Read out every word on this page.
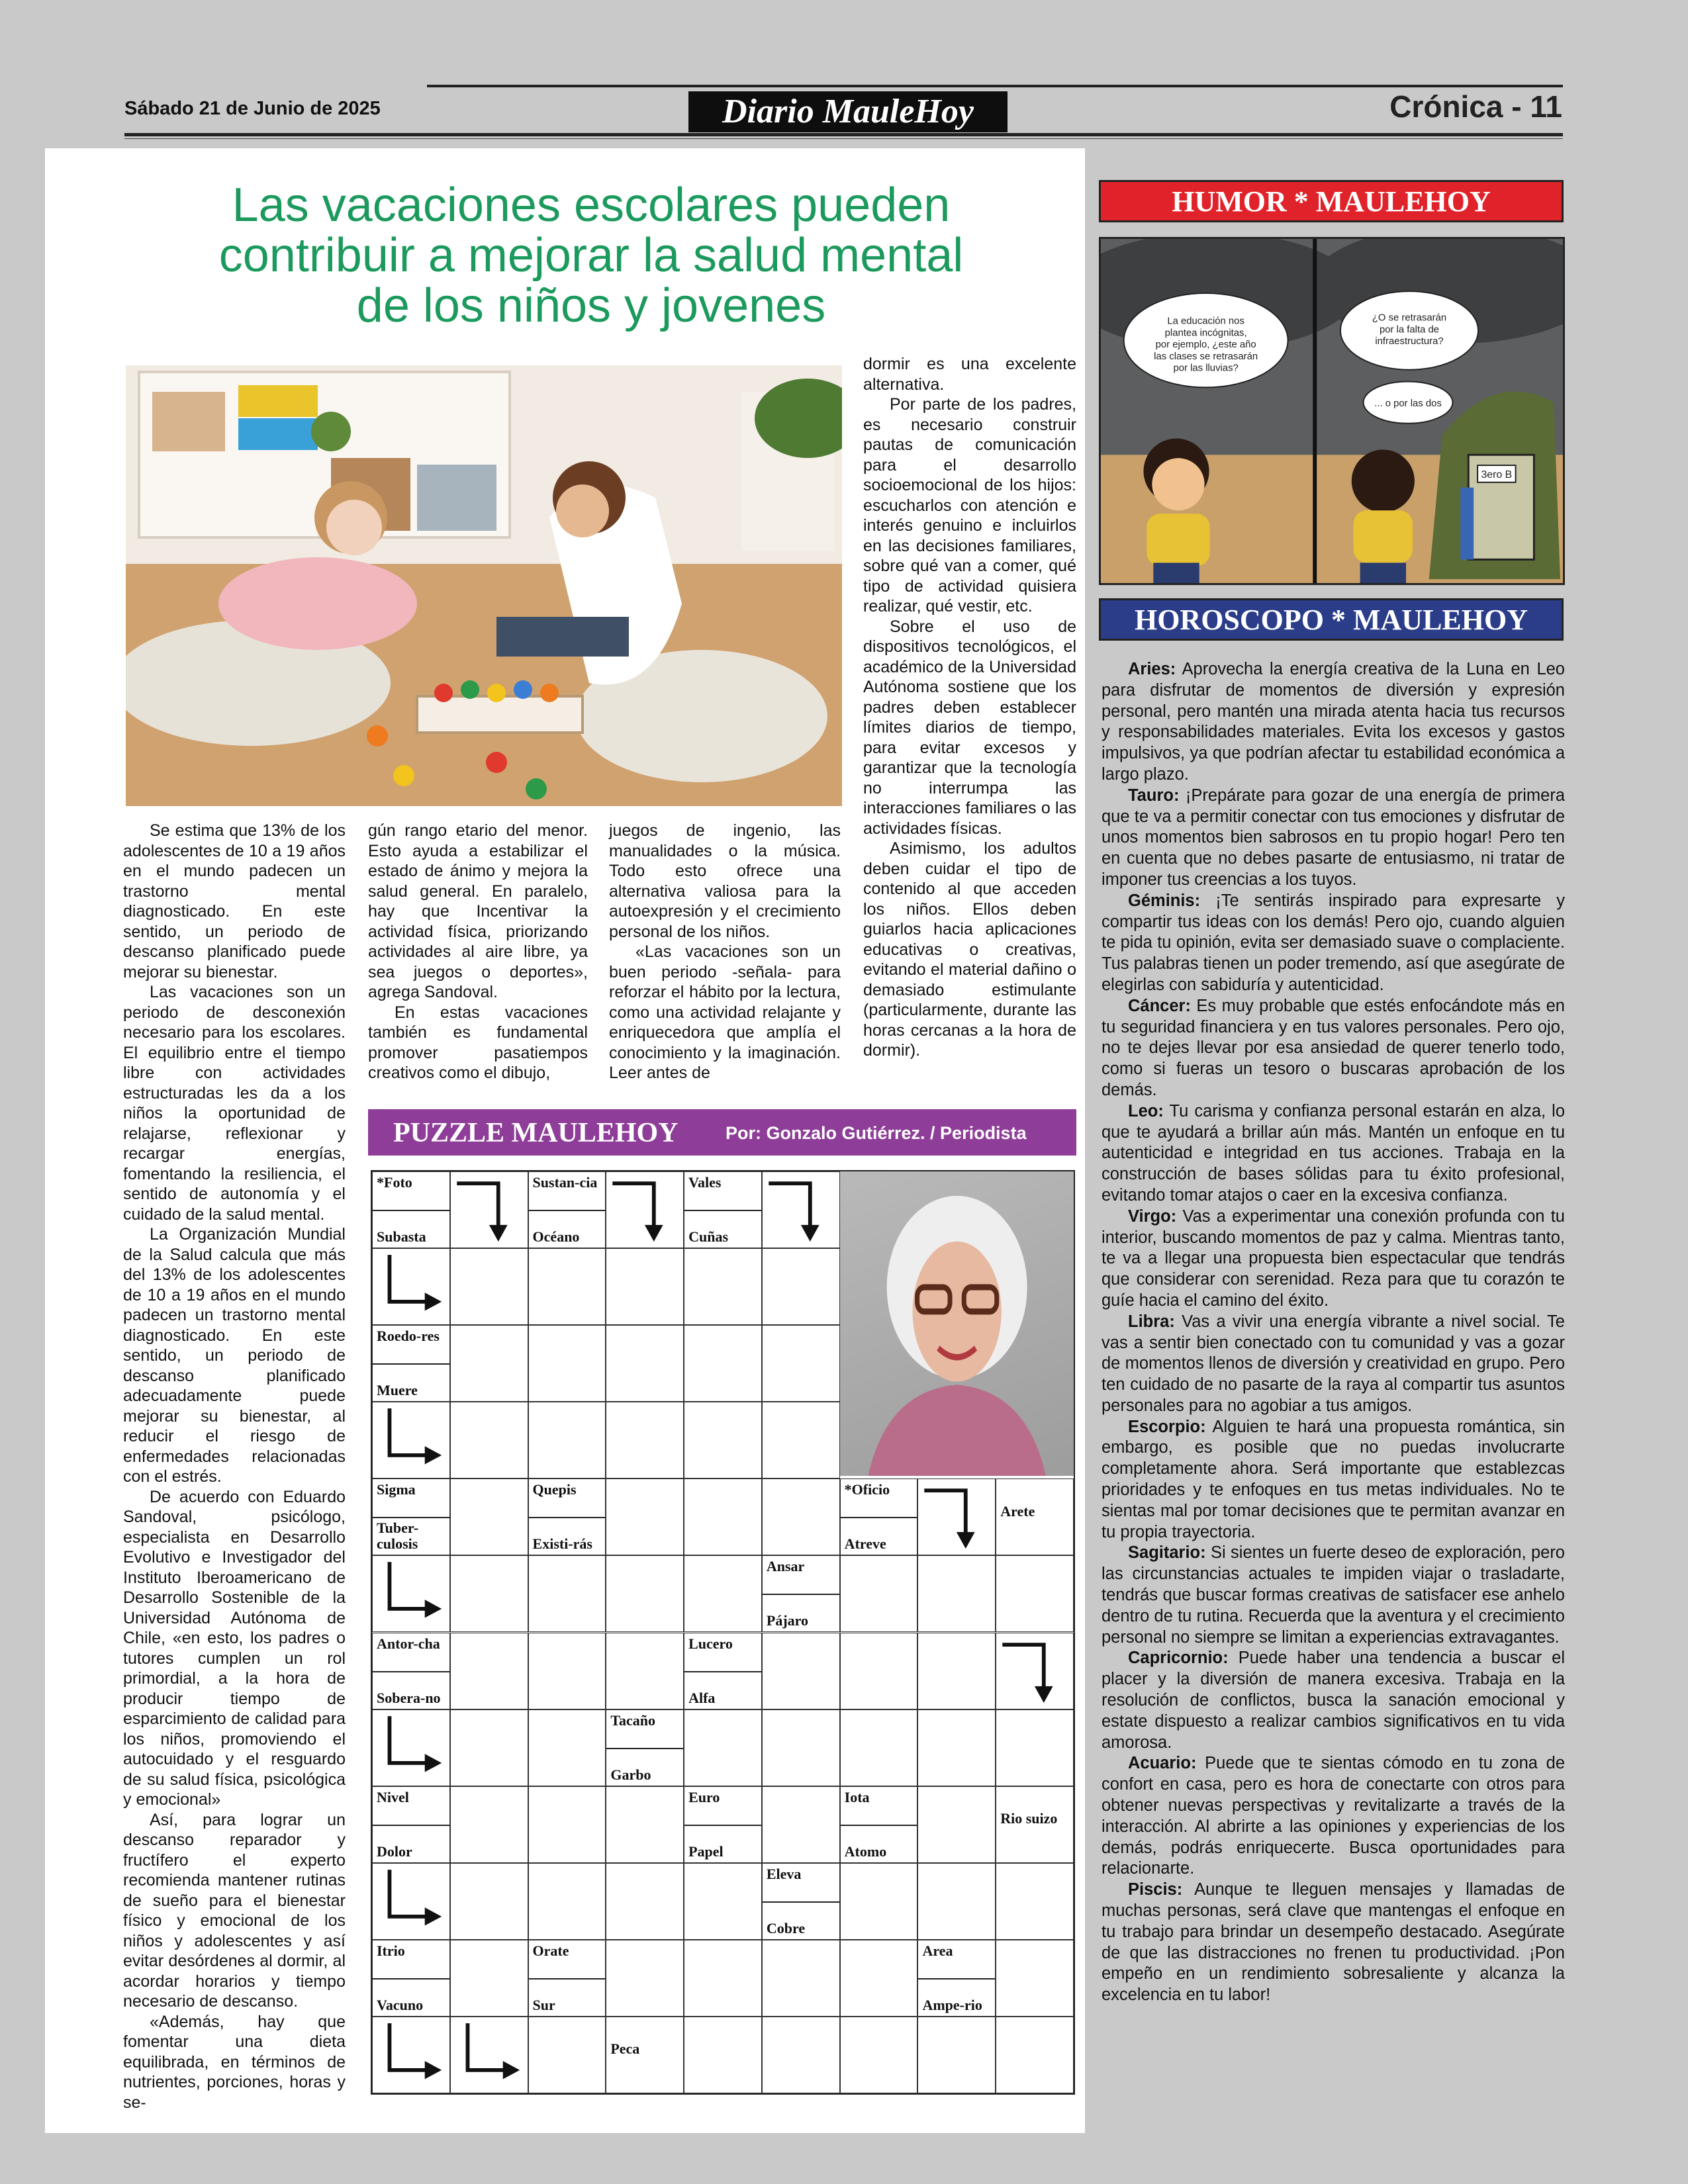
Sábado 21 de Junio de 2025	Diario MauleHoy	Crónica - 11
Las vacaciones escolares pueden
contribuir a mejorar la salud mental
de los niños y jovenes

Se estima que 13% de los adolescentes de 10 a 19 años en el mundo padecen un trastorno mental diagnosticado. En este sentido, un periodo de descanso planificado puede mejorar su bienestar.

Las vacaciones son un periodo de desconexión necesario para los escolares. El equilibrio entre el tiempo libre con actividades estructuradas les da a los niños la oportunidad de relajarse, reflexionar y recargar energías, fomentando la resiliencia, el sentido de autonomía y el cuidado de la salud mental.

La Organización Mundial de la Salud calcula que más del 13% de los adolescentes de 10 a 19 años en el mundo padecen un trastorno mental diagnosticado. En este sentido, un periodo de descanso planificado adecuadamente puede mejorar su bienestar, al reducir el riesgo de enfermedades relacionadas con el estrés.

De acuerdo con Eduardo Sandoval, psicólogo, especialista en Desarrollo Evolutivo e Investigador del Instituto Iberoamericano de Desarrollo Sostenible de la Universidad Autónoma de Chile, «en esto, los padres o tutores cumplen un rol primordial, a la hora de producir tiempo de esparcimiento de calidad para los niños, promoviendo el autocuidado y el resguardo de su salud física, psicológica y emocional»

Así, para lograr un descanso reparador y fructífero el experto recomienda mantener rutinas de sueño para el bienestar físico y emocional de los niños y adolescentes y así evitar desórdenes al dormir, al acordar horarios y tiempo necesario de descanso.

«Además, hay que fomentar una dieta equilibrada, en términos de nutrientes, porciones, horas y se-

gún rango etario del menor. Esto ayuda a estabilizar el estado de ánimo y mejora la salud general. En paralelo, hay que Incentivar la actividad física, priorizando actividades al aire libre, ya sea juegos o deportes», agrega Sandoval.

En estas vacaciones también es fundamental promover pasatiempos creativos como el dibujo,

juegos de ingenio, las manualidades o la música. Todo esto ofrece una alternativa valiosa para la autoexpresión y el crecimiento personal de los niños.

«Las vacaciones son un buen periodo -señala- para reforzar el hábito por la lectura, como una actividad relajante y enriquecedora que amplía el conocimiento y la imaginación. Leer antes de

dormir es una excelente alternativa.

Por parte de los padres, es necesario construir pautas de comunicación para el desarrollo socioemocional de los hijos: escucharlos con atención e interés genuino e incluirlos en las decisiones familiares, sobre qué van a comer, qué tipo de actividad quisiera realizar, qué vestir, etc.

Sobre el uso de dispositivos tecnológicos, el académico de la Universidad Autónoma sostiene que los padres deben establecer límites diarios de tiempo, para evitar excesos y garantizar que la tecnología no interrumpa las interacciones familiares o las actividades físicas.

Asimismo, los adultos deben cuidar el tipo de contenido al que acceden los niños. Ellos deben guiarlos hacia aplicaciones educativas o creativas, evitando el material dañino o demasiado estimulante (particularmente, durante las horas cercanas a la hora de dormir).

PUZZLE MAULEHOY	Por: Gonzalo Gutiérrez. / Periodista
*Foto
Subasta
Sustan-cia
Océano
Vales
Cuñas
Roedo-res
Muere
Sigma
Tuber-culosis
Quepis
Existi-rás
*Oficio
Atreve
Arete
Ansar
Pájaro
Antor-cha
Sobera-no
Lucero
Alfa
Tacaño
Garbo
Nivel
Dolor
Euro
Papel
Iota
Atomo
Rio suizo
Eleva
Cobre
Itrio
Vacuno
Orate
Sur
Area
Ampe-rio
Peca
HUMOR * MAULEHOY
La educación nos plantea incógnitas, por ejemplo, ¿este año las clases se retrasarán por las lluvias?
¿O se retrasarán por la falta de infraestructura?
... o por las dos
3ero B
HOROSCOPO * MAULEHOY

Aries: Aprovecha la energía creativa de la Luna en Leo para disfrutar de momentos de diversión y expresión personal, pero mantén una mirada atenta hacia tus recursos y responsabilidades materiales. Evita los excesos y gastos impulsivos, ya que podrían afectar tu estabilidad económica a largo plazo.

Tauro: ¡Prepárate para gozar de una energía de primera que te va a permitir conectar con tus emociones y disfrutar de unos momentos bien sabrosos en tu propio hogar! Pero ten en cuenta que no debes pasarte de entusiasmo, ni tratar de imponer tus creencias a los tuyos.

Géminis: ¡Te sentirás inspirado para expresarte y compartir tus ideas con los demás! Pero ojo, cuando alguien te pida tu opinión, evita ser demasiado suave o complaciente. Tus palabras tienen un poder tremendo, así que asegúrate de elegirlas con sabiduría y autenticidad.

Cáncer: Es muy probable que estés enfocándote más en tu seguridad financiera y en tus valores personales. Pero ojo, no te dejes llevar por esa ansiedad de querer tenerlo todo, como si fueras un tesoro o buscaras aprobación de los demás.

Leo: Tu carisma y confianza personal estarán en alza, lo que te ayudará a brillar aún más. Mantén un enfoque en tu autenticidad e integridad en tus acciones. Trabaja en la construcción de bases sólidas para tu éxito profesional, evitando tomar atajos o caer en la excesiva confianza.

Virgo: Vas a experimentar una conexión profunda con tu interior, buscando momentos de paz y calma. Mientras tanto, te va a llegar una propuesta bien espectacular que tendrás que considerar con serenidad. Reza para que tu corazón te guíe hacia el camino del éxito.

Libra: Vas a vivir una energía vibrante a nivel social. Te vas a sentir bien conectado con tu comunidad y vas a gozar de momentos llenos de diversión y creatividad en grupo. Pero ten cuidado de no pasarte de la raya al compartir tus asuntos personales para no agobiar a tus amigos.

Escorpio: Alguien te hará una propuesta romántica, sin embargo, es posible que no puedas involucrarte completamente ahora. Será importante que establezcas prioridades y te enfoques en tus metas individuales. No te sientas mal por tomar decisiones que te permitan avanzar en tu propia trayectoria.

Sagitario: Si sientes un fuerte deseo de exploración, pero las circunstancias actuales te impiden viajar o trasladarte, tendrás que buscar formas creativas de satisfacer ese anhelo dentro de tu rutina. Recuerda que la aventura y el crecimiento personal no siempre se limitan a experiencias extravagantes.

Capricornio: Puede haber una tendencia a buscar el placer y la diversión de manera excesiva. Trabaja en la resolución de conflictos, busca la sanación emocional y estate dispuesto a realizar cambios significativos en tu vida amorosa.

Acuario: Puede que te sientas cómodo en tu zona de confort en casa, pero es hora de conectarte con otros para obtener nuevas perspectivas y revitalizarte a través de la interacción. Al abrirte a las opiniones y experiencias de los demás, podrás enriquecerte. Busca oportunidades para relacionarte.

Piscis: Aunque te lleguen mensajes y llamadas de muchas personas, será clave que mantengas el enfoque en tu trabajo para brindar un desempeño destacado. Asegúrate de que las distracciones no frenen tu productividad. ¡Pon empeño en un rendimiento sobresaliente y alcanza la excelencia en tu labor!
